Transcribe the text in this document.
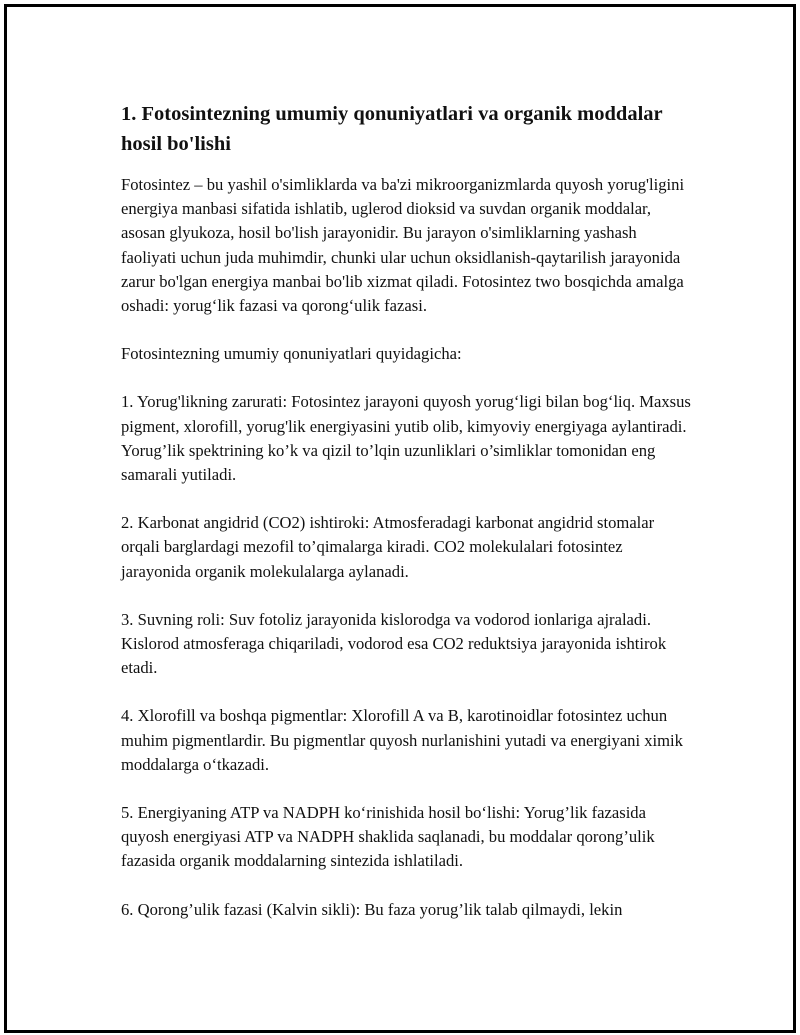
1. Fotosintezning umumiy qonuniyatlari va organik moddalar hosil bo'lishi

Fotosintez – bu yashil o'simliklarda va ba'zi mikroorganizmlarda quyosh yorug'ligini energiya manbasi sifatida ishlatib, uglerod dioksid va suvdan organik moddalar, asosan glyukoza, hosil bo'lish jarayonidir. Bu jarayon o'simliklarning yashash faoliyati uchun juda muhimdir, chunki ular uchun oksidlanish-qaytarilish jarayonida zarur bo'lgan energiya manbai bo'lib xizmat qiladi. Fotosintez two bosqichda amalga oshadi: yorug‘lik fazasi va qorong‘ulik fazasi.

Fotosintezning umumiy qonuniyatlari quyidagicha:

1. Yorug'likning zarurati: Fotosintez jarayoni quyosh yorug‘ligi bilan bog‘liq. Maxsus pigment, xlorofill, yorug'lik energiyasini yutib olib, kimyoviy energiyaga aylantiradi. Yorug’lik spektrining ko’k va qizil to’lqin uzunliklari o’simliklar tomonidan eng samarali yutiladi.

2. Karbonat angidrid (CO2) ishtiroki: Atmosferadagi karbonat angidrid stomalar orqali barglardagi mezofil to’qimalarga kiradi. CO2 molekulalari fotosintez jarayonida organik molekulalarga aylanadi.

3. Suvning roli: Suv fotoliz jarayonida kislorodga va vodorod ionlariga ajraladi. Kislorod atmosferaga chiqariladi, vodorod esa CO2 reduktsiya jarayonida ishtirok etadi.

4. Xlorofill va boshqa pigmentlar: Xlorofill A va B, karotinoidlar fotosintez uchun muhim pigmentlardir. Bu pigmentlar quyosh nurlanishini yutadi va energiyani ximik moddalarga o‘tkazadi.

5. Energiyaning ATP va NADPH ko‘rinishida hosil bo‘lishi: Yorug’lik fazasida quyosh energiyasi ATP va NADPH shaklida saqlanadi, bu moddalar qorong’ulik fazasida organik moddalarning sintezida ishlatiladi.

6. Qorong’ulik fazasi (Kalvin sikli): Bu faza yorug’lik talab qilmaydi, lekin
